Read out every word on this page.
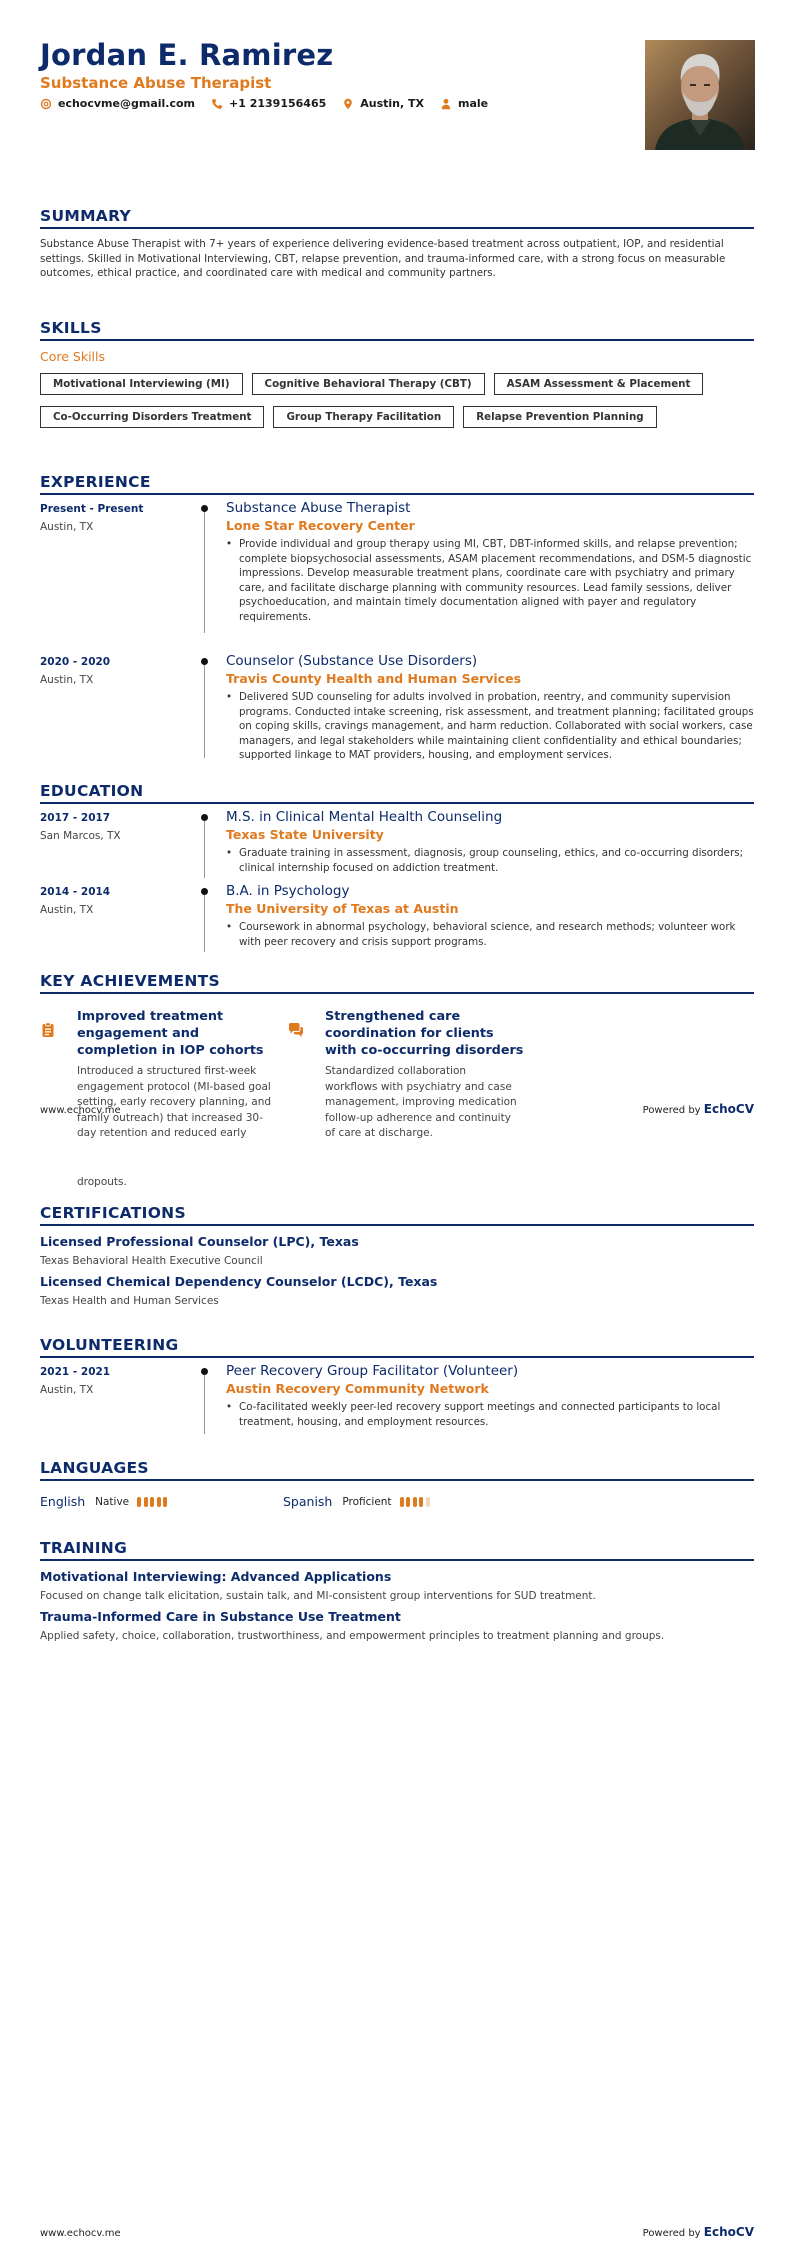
Jordan E. Ramirez
Substance Abuse Therapist
echocvme@gmail.com	+1 2139156465	Austin, TX	male
SUMMARY
Substance Abuse Therapist with 7+ years of experience delivering evidence-based treatment across outpatient, IOP, and residential settings. Skilled in Motivational Interviewing, CBT, relapse prevention, and trauma-informed care, with a strong focus on measurable outcomes, ethical practice, and coordinated care with medical and community partners.
SKILLS
Core Skills
Motivational Interviewing (MI)	Cognitive Behavioral Therapy (CBT)	ASAM Assessment & Placement
Co-Occurring Disorders Treatment	Group Therapy Facilitation	Relapse Prevention Planning
EXPERIENCE
Present - Present
Austin, TX
Substance Abuse Therapist
Lone Star Recovery Center
• Provide individual and group therapy using MI, CBT, DBT-informed skills, and relapse prevention; complete biopsychosocial assessments, ASAM placement recommendations, and DSM-5 diagnostic impressions. Develop measurable treatment plans, coordinate care with psychiatry and primary care, and facilitate discharge planning with community resources. Lead family sessions, deliver psychoeducation, and maintain timely documentation aligned with payer and regulatory requirements.
2020 - 2020
Austin, TX
Counselor (Substance Use Disorders)
Travis County Health and Human Services
• Delivered SUD counseling for adults involved in probation, reentry, and community supervision programs. Conducted intake screening, risk assessment, and treatment planning; facilitated groups on coping skills, cravings management, and harm reduction. Collaborated with social workers, case managers, and legal stakeholders while maintaining client confidentiality and ethical boundaries; supported linkage to MAT providers, housing, and employment services.
EDUCATION
2017 - 2017
San Marcos, TX
M.S. in Clinical Mental Health Counseling
Texas State University
• Graduate training in assessment, diagnosis, group counseling, ethics, and co-occurring disorders; clinical internship focused on addiction treatment.
2014 - 2014
Austin, TX
B.A. in Psychology
The University of Texas at Austin
• Coursework in abnormal psychology, behavioral science, and research methods; volunteer work with peer recovery and crisis support programs.
KEY ACHIEVEMENTS
Improved treatment engagement and completion in IOP cohorts
Introduced a structured first-week engagement protocol (MI-based goal setting, early recovery planning, and family outreach) that increased 30-day retention and reduced early
Strengthened care coordination for clients with co-occurring disorders
Standardized collaboration workflows with psychiatry and case management, improving medication follow-up adherence and continuity of care at discharge.
www.echocv.me	Powered by EchoCV
dropouts.
CERTIFICATIONS
Licensed Professional Counselor (LPC), Texas
Texas Behavioral Health Executive Council
Licensed Chemical Dependency Counselor (LCDC), Texas
Texas Health and Human Services
VOLUNTEERING
2021 - 2021
Austin, TX
Peer Recovery Group Facilitator (Volunteer)
Austin Recovery Community Network
• Co-facilitated weekly peer-led recovery support meetings and connected participants to local treatment, housing, and employment resources.
LANGUAGES
English Native	Spanish Proficient
TRAINING
Motivational Interviewing: Advanced Applications
Focused on change talk elicitation, sustain talk, and MI-consistent group interventions for SUD treatment.
Trauma-Informed Care in Substance Use Treatment
Applied safety, choice, collaboration, trustworthiness, and empowerment principles to treatment planning and groups.
www.echocv.me	Powered by EchoCV
